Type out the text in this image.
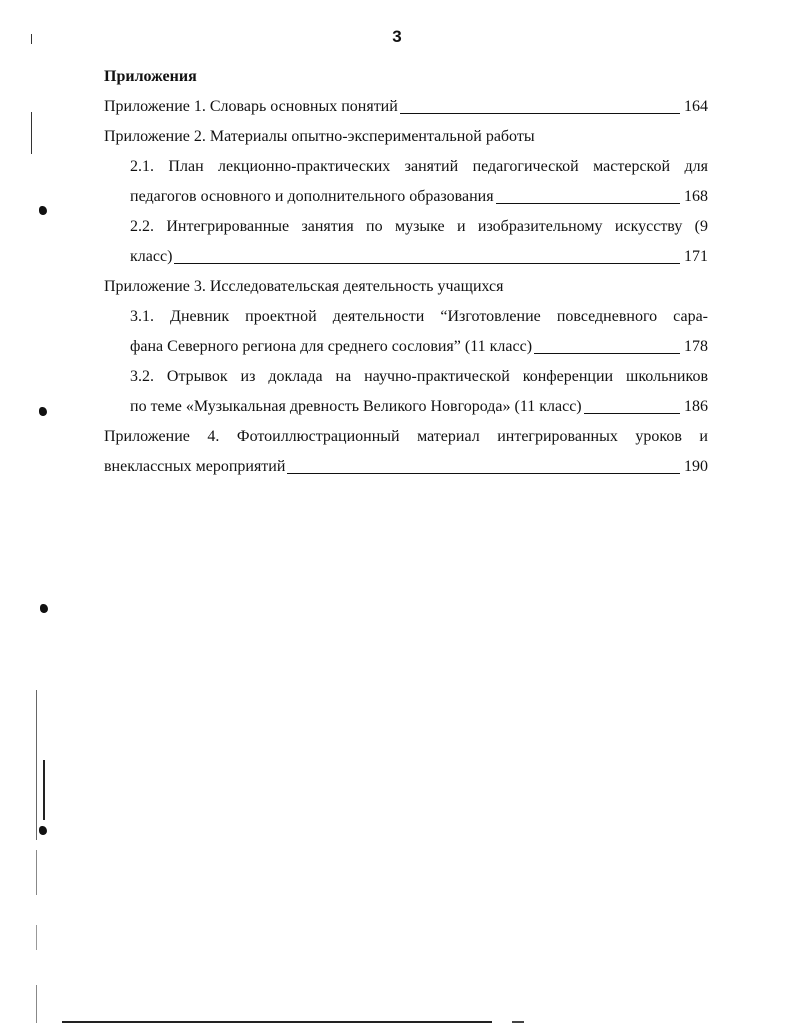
3
Приложения
Приложение 1. Словарь основных понятий	164
Приложение 2. Материалы опытно-экспериментальной работы
2.1. План лекционно-практических занятий педагогической мастерской для
педагогов основного и дополнительного образования	168
2.2. Интегрированные занятия по музыке и изобразительному искусству (9
класс)	171
Приложение 3. Исследовательская деятельность учащихся
3.1. Дневник проектной деятельности “Изготовление повседневного сара-
фана Северного региона для среднего сословия” (11 класс)	178
3.2. Отрывок из доклада на научно-практической конференции школьников
по теме «Музыкальная древность Великого Новгорода» (11 класс)	186
Приложение 4. Фотоиллюстрационный материал интегрированных уроков и
внеклассных мероприятий	190
